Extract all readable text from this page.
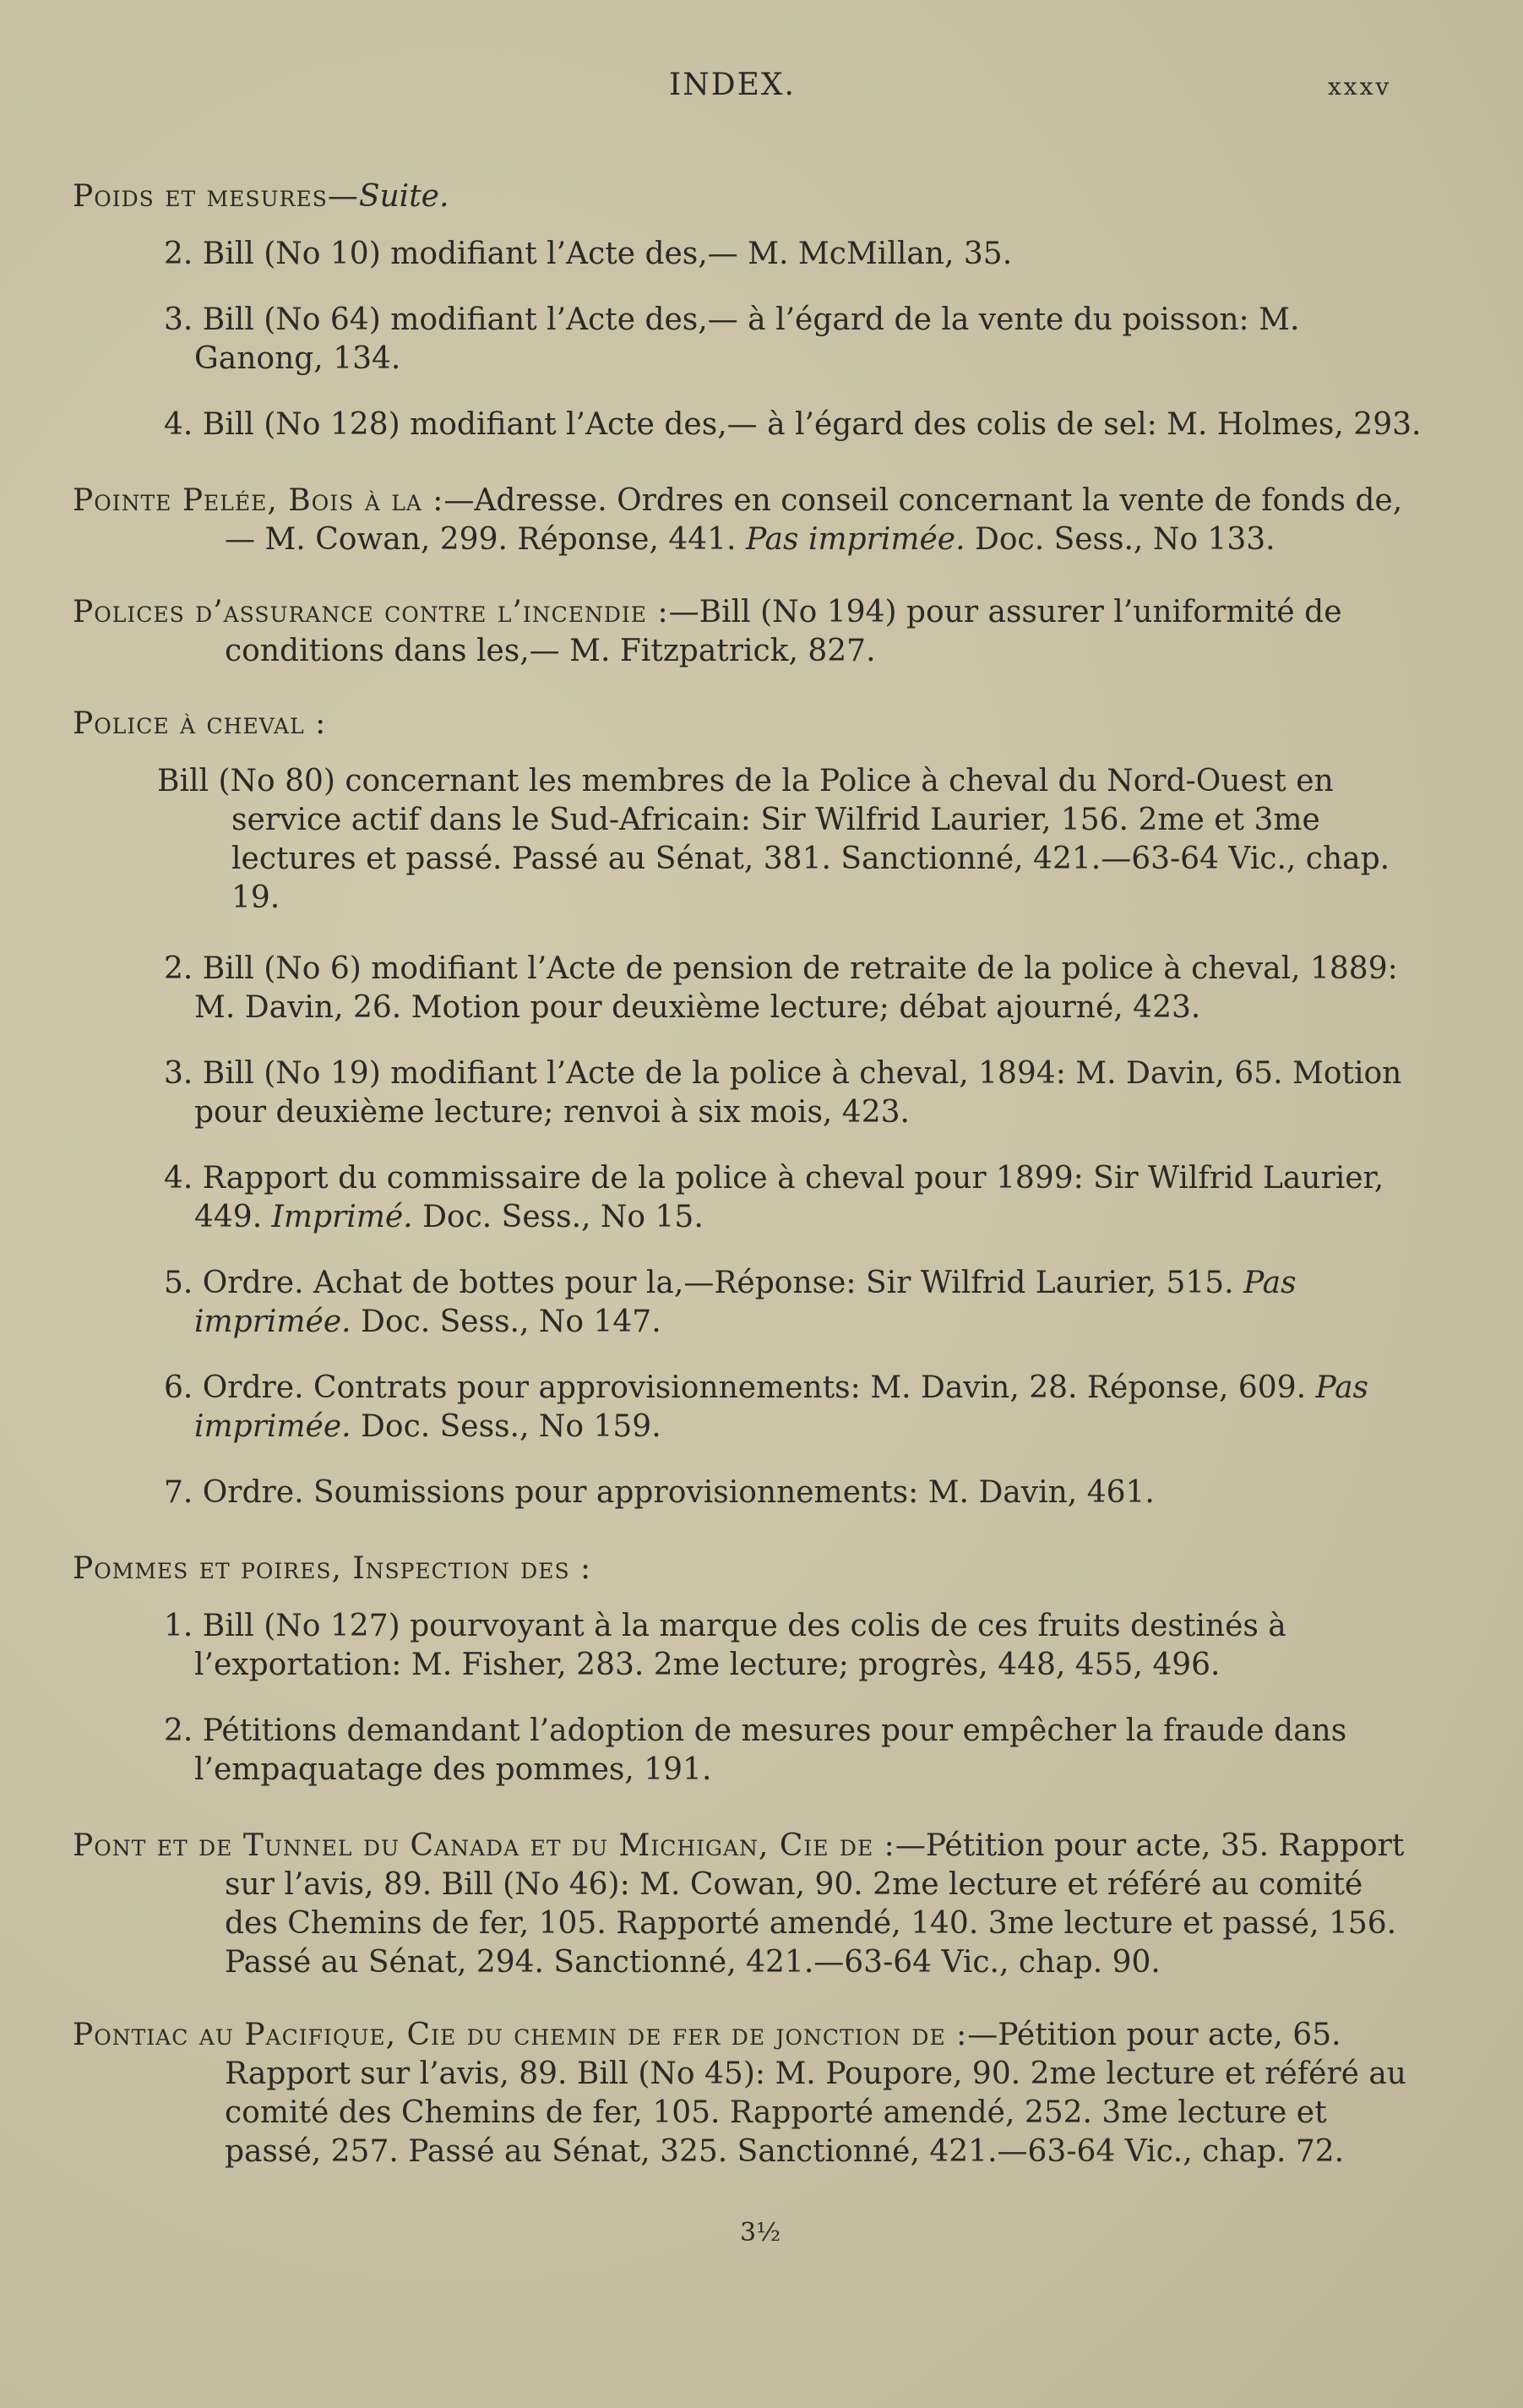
INDEX.	xxxv
Poids et mesures—Suite.
2. Bill (No 10) modifiant l’Acte des,— M. McMillan, 35.
3. Bill (No 64) modifiant l’Acte des,— à l’égard de la vente du poisson: M. Ganong, 134.
4. Bill (No 128) modifiant l’Acte des,— à l’égard des colis de sel: M. Holmes, 293.
Pointe Pelée, Bois à la :—Adresse. Ordres en conseil concernant la vente de fonds de,— M. Cowan, 299. Réponse, 441. Pas imprimée. Doc. Sess., No 133.
Polices d’assurance contre l’incendie :—Bill (No 194) pour assurer l’uniformité de conditions dans les,— M. Fitzpatrick, 827.
Police à cheval :
Bill (No 80) concernant les membres de la Police à cheval du Nord-Ouest en service actif dans le Sud-Africain: Sir Wilfrid Laurier, 156. 2me et 3me lectures et passé. Passé au Sénat, 381. Sanctionné, 421.—63-64 Vic., chap. 19.
2. Bill (No 6) modifiant l’Acte de pension de retraite de la police à cheval, 1889: M. Davin, 26. Motion pour deuxième lecture; débat ajourné, 423.
3. Bill (No 19) modifiant l’Acte de la police à cheval, 1894: M. Davin, 65. Motion pour deuxième lecture; renvoi à six mois, 423.
4. Rapport du commissaire de la police à cheval pour 1899: Sir Wilfrid Laurier, 449. Imprimé. Doc. Sess., No 15.
5. Ordre. Achat de bottes pour la,—Réponse: Sir Wilfrid Laurier, 515. Pas imprimée. Doc. Sess., No 147.
6. Ordre. Contrats pour approvisionnements: M. Davin, 28. Réponse, 609. Pas imprimée. Doc. Sess., No 159.
7. Ordre. Soumissions pour approvisionnements: M. Davin, 461.
Pommes et poires, Inspection des :
1. Bill (No 127) pourvoyant à la marque des colis de ces fruits destinés à l’exportation: M. Fisher, 283. 2me lecture; progrès, 448, 455, 496.
2. Pétitions demandant l’adoption de mesures pour empêcher la fraude dans l’empaquatage des pommes, 191.
Pont et de Tunnel du Canada et du Michigan, Cie de :—Pétition pour acte, 35. Rapport sur l’avis, 89. Bill (No 46): M. Cowan, 90. 2me lecture et référé au comité des Chemins de fer, 105. Rapporté amendé, 140. 3me lecture et passé, 156. Passé au Sénat, 294. Sanctionné, 421.—63-64 Vic., chap. 90.
Pontiac au Pacifique, Cie du chemin de fer de jonction de :—Pétition pour acte, 65. Rapport sur l’avis, 89. Bill (No 45): M. Poupore, 90. 2me lecture et référé au comité des Chemins de fer, 105. Rapporté amendé, 252. 3me lecture et passé, 257. Passé au Sénat, 325. Sanctionné, 421.—63-64 Vic., chap. 72.
3½
